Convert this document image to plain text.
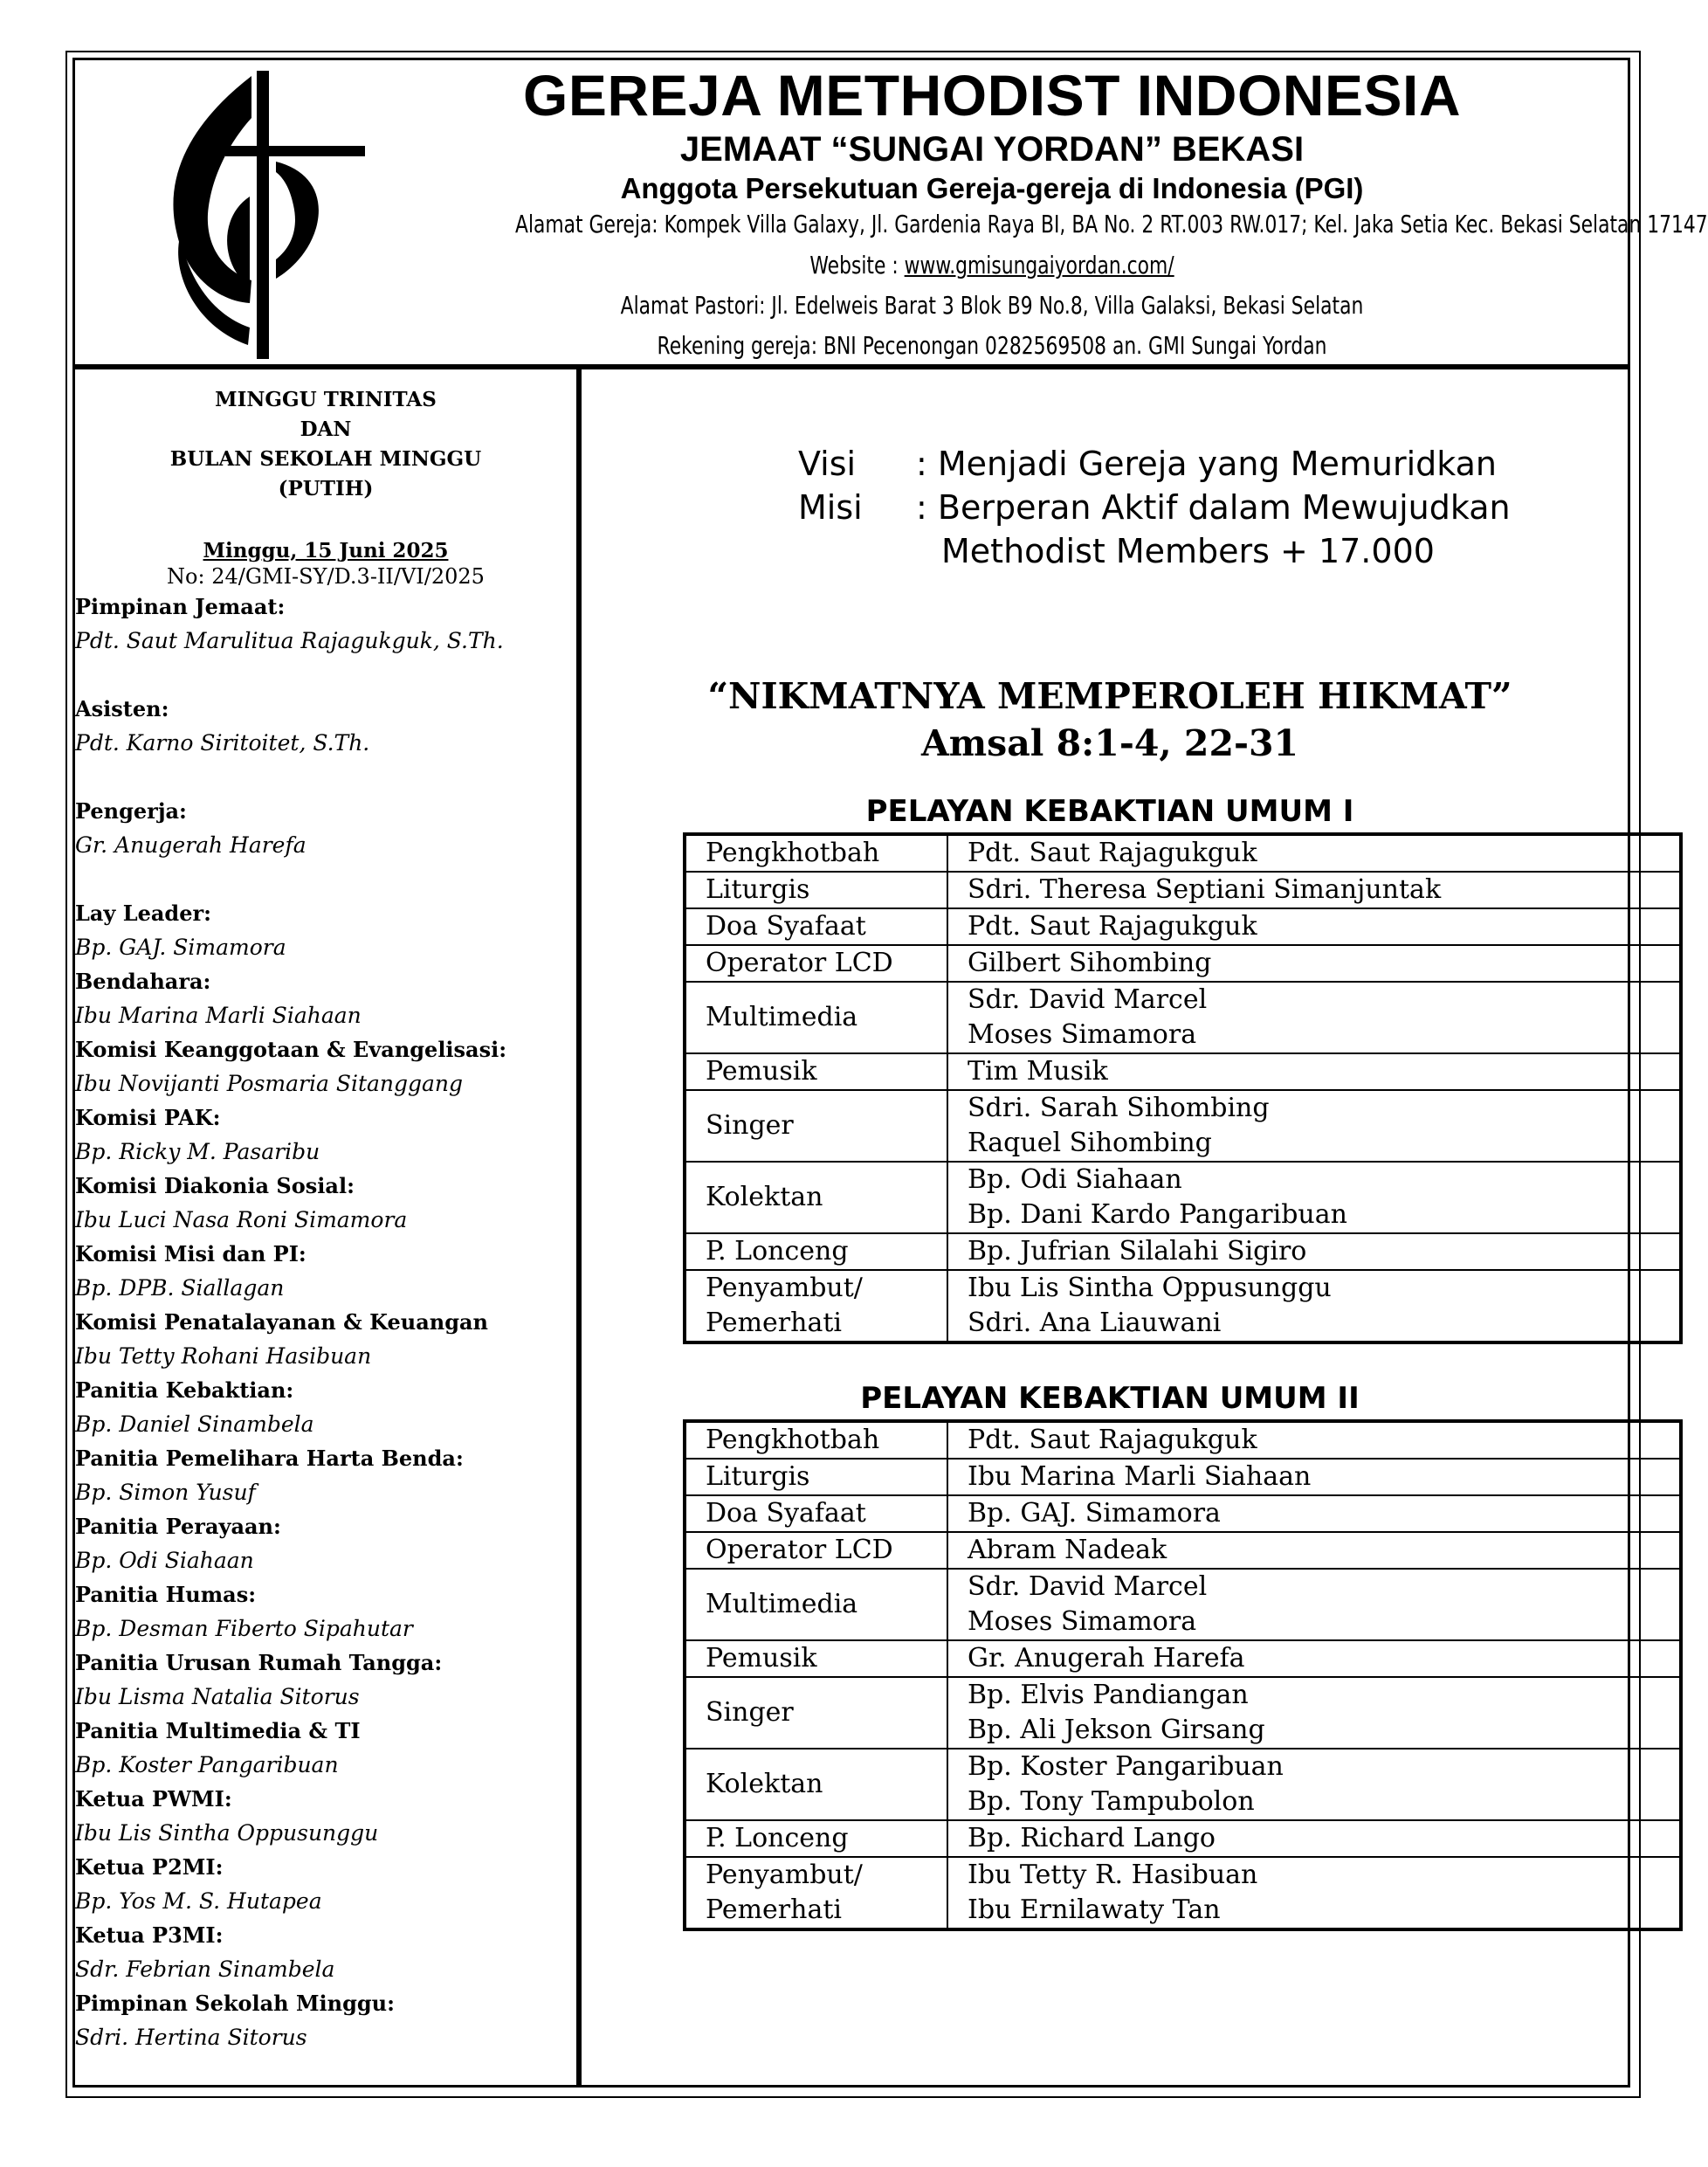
GEREJA METHODIST INDONESIA
JEMAAT “SUNGAI YORDAN” BEKASI
Anggota Persekutuan Gereja-gereja di Indonesia (PGI)
Alamat Gereja: Kompek Villa Galaxy, Jl. Gardenia Raya BI, BA No. 2 RT.003 RW.017; Kel. Jaka Setia Kec. Bekasi Selatan 17147
Website : www.gmisungaiyordan.com/
Alamat Pastori: Jl. Edelweis Barat 3 Blok B9 No.8, Villa Galaksi, Bekasi Selatan
Rekening gereja: BNI Pecenongan 0282569508 an. GMI Sungai Yordan
MINGGU TRINITAS
DAN
BULAN SEKOLAH MINGGU
(PUTIH)
Minggu, 15 Juni 2025
No: 24/GMI-SY/D.3-II/VI/2025
Pimpinan Jemaat:
Pdt. Saut Marulitua Rajagukguk, S.Th.
Asisten:
Pdt. Karno Siritoitet, S.Th.
Pengerja:
Gr. Anugerah Harefa
Lay Leader:
Bp. GAJ. Simamora
Bendahara:
Ibu Marina Marli Siahaan
Komisi Keanggotaan & Evangelisasi:
Ibu Novijanti Posmaria Sitanggang
Komisi PAK:
Bp. Ricky M. Pasaribu
Komisi Diakonia Sosial:
Ibu Luci Nasa Roni Simamora
Komisi Misi dan PI:
Bp. DPB. Siallagan
Komisi Penatalayanan & Keuangan
Ibu Tetty Rohani Hasibuan
Panitia Kebaktian:
Bp. Daniel Sinambela
Panitia Pemelihara Harta Benda:
Bp. Simon Yusuf
Panitia Perayaan:
Bp. Odi Siahaan
Panitia Humas:
Bp. Desman Fiberto Sipahutar
Panitia Urusan Rumah Tangga:
Ibu Lisma Natalia Sitorus
Panitia Multimedia & TI
Bp. Koster Pangaribuan
Ketua PWMI:
Ibu Lis Sintha Oppusunggu
Ketua P2MI:
Bp. Yos M. S. Hutapea
Ketua P3MI:
Sdr. Febrian Sinambela
Pimpinan Sekolah Minggu:
Sdri. Hertina Sitorus
Visi : Menjadi Gereja yang Memuridkan
Misi : Berperan Aktif dalam Mewujudkan
Methodist Members + 17.000
“NIKMATNYA MEMPEROLEH HIKMAT”
Amsal 8:1-4, 22-31
PELAYAN KEBAKTIAN UMUM I
Pengkhotbah	Pdt. Saut Rajagukguk

Liturgis	Sdri. Theresa Septiani Simanjuntak

Doa Syafaat	Pdt. Saut Rajagukguk

Operator LCD	Gilbert Sihombing

Multimedia	Sdr. David Marcel
Moses Simamora

Pemusik	Tim Musik

Singer	Sdri. Sarah Sihombing
Raquel Sihombing

Kolektan	Bp. Odi Siahaan
Bp. Dani Kardo Pangaribuan

P. Lonceng	Bp. Jufrian Silalahi Sigiro

Penyambut/
Pemerhati	Ibu Lis Sintha Oppusunggu
Sdri. Ana Liauwani
PELAYAN KEBAKTIAN UMUM II
Pengkhotbah	Pdt. Saut Rajagukguk

Liturgis	Ibu Marina Marli Siahaan

Doa Syafaat	Bp. GAJ. Simamora

Operator LCD	Abram Nadeak

Multimedia	Sdr. David Marcel
Moses Simamora

Pemusik	Gr. Anugerah Harefa

Singer	Bp. Elvis Pandiangan
Bp. Ali Jekson Girsang

Kolektan	Bp. Koster Pangaribuan
Bp. Tony Tampubolon

P. Lonceng	Bp. Richard Lango

Penyambut/
Pemerhati	Ibu Tetty R. Hasibuan
Ibu Ernilawaty Tan
